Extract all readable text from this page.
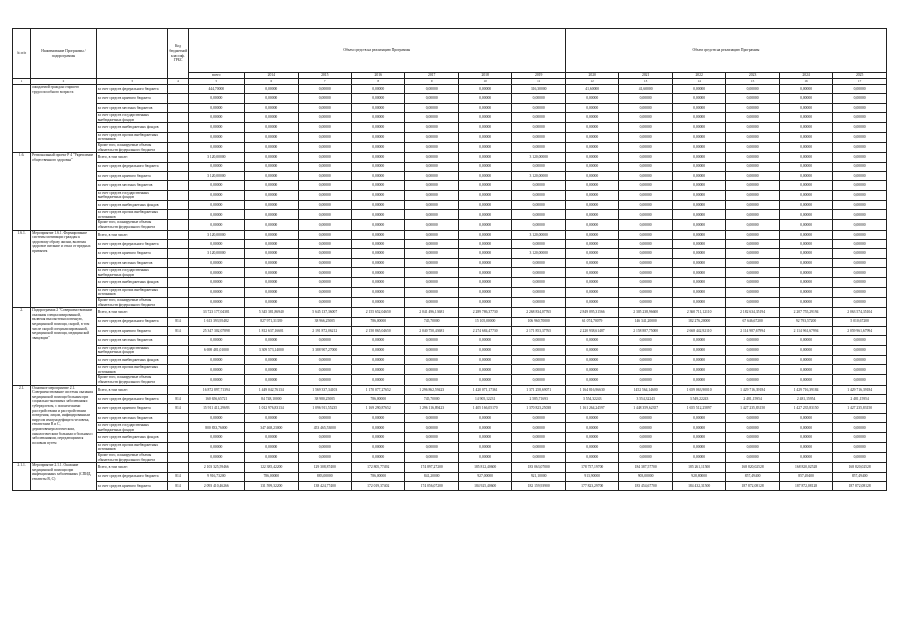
№ п/п	Наименование Программы / подпрограммы		Код бюджетной классиф. ГРБС	Объем средств на реализацию Программы							Объем средств на реализацию Программы					
				всего	2014	2015	2016	2017	2018	2019	2020	2021	2022	2023	2024	2025
1	2	3	4	5	6	7	8	9	10	11	12	13	14	15	16	17
	ожидаемой граждан старшего трудоспособного возраста	за счет средств федерального бюджета		444,70000	0,00000	0,00000	0,00000	0,00000	0,00000	316,30000	41,60000	41,60000	0,00000	0,00000	0,00000	0,00000
		за счет средств краевого бюджета		0,00000	0,00000	0,00000	0,00000	0,00000	0,00000	0,00000	0,00000	0,00000	0,00000	0,00000	0,00000	0,00000
		за счет средств местных бюджетов		0,00000	0,00000	0,00000	0,00000	0,00000	0,00000	0,00000	0,00000	0,00000	0,00000	0,00000	0,00000	0,00000
		за счет средств государственных внебюджетных фондов		0,00000	0,00000	0,00000	0,00000	0,00000	0,00000	0,00000	0,00000	0,00000	0,00000	0,00000	0,00000	0,00000
		за счет средств внебюджетных фондов		0,00000	0,00000	0,00000	0,00000	0,00000	0,00000	0,00000	0,00000	0,00000	0,00000	0,00000	0,00000	0,00000
		за счет средств прочих внебюджетных источников		0,00000	0,00000	0,00000	0,00000	0,00000	0,00000	0,00000	0,00000	0,00000	0,00000	0,00000	0,00000	0,00000
		Кроме того, планируемые объемы обязательств федерального бюджета		0,00000	0,00000	0,00000	0,00000	0,00000	0,00000	0,00000	0,00000	0,00000	0,00000	0,00000	0,00000	0,00000
1.6.	Региональный проект Р 4 "Укрепление общественного здоровья"	Всего, в том числе:		3 120,00000	0,00000	0,00000	0,00000	0,00000	0,00000	3 120,00000	0,00000	0,00000	0,00000	0,00000	0,00000	0,00000
		за счет средств федерального бюджета		0,00000	0,00000	0,00000	0,00000	0,00000	0,00000	0,00000	0,00000	0,00000	0,00000	0,00000	0,00000	0,00000
		за счет средств краевого бюджета		3 120,00000	0,00000	0,00000	0,00000	0,00000	0,00000	3 120,00000	0,00000	0,00000	0,00000	0,00000	0,00000	0,00000
		за счет средств местных бюджетов		0,00000	0,00000	0,00000	0,00000	0,00000	0,00000	0,00000	0,00000	0,00000	0,00000	0,00000	0,00000	0,00000
		за счет средств государственных внебюджетных фондов		0,00000	0,00000	0,00000	0,00000	0,00000	0,00000	0,00000	0,00000	0,00000	0,00000	0,00000	0,00000	0,00000
		за счет средств внебюджетных фондов		0,00000	0,00000	0,00000	0,00000	0,00000	0,00000	0,00000	0,00000	0,00000	0,00000	0,00000	0,00000	0,00000
		за счет средств прочих внебюджетных источников		0,00000	0,00000	0,00000	0,00000	0,00000	0,00000	0,00000	0,00000	0,00000	0,00000	0,00000	0,00000	0,00000
		Кроме того, планируемые объемы обязательств федерального бюджета		0,00000	0,00000	0,00000	0,00000	0,00000	0,00000	0,00000	0,00000	0,00000	0,00000	0,00000	0,00000	0,00000
1.6.1.	Мероприятие 1.6.1. Формирование системы мотивации граждан к здоровому образу жизни, включая здоровое питание и отказ от вредных привычек	Всего, в том числе:		3 120,00000	0,00000	0,00000	0,00000	0,00000	0,00000	3 120,00000	0,00000	0,00000	0,00000	0,00000	0,00000	0,00000
		за счет средств федерального бюджета		0,00000	0,00000	0,00000	0,00000	0,00000	0,00000	0,00000	0,00000	0,00000	0,00000	0,00000	0,00000	0,00000
		за счет средств краевого бюджета		3 120,00000	0,00000	0,00000	0,00000	0,00000	0,00000	3 120,00000	0,00000	0,00000	0,00000	0,00000	0,00000	0,00000
		за счет средств местных бюджетов		0,00000	0,00000	0,00000	0,00000	0,00000	0,00000	0,00000	0,00000	0,00000	0,00000	0,00000	0,00000	0,00000
		за счет средств государственных внебюджетных фондов		0,00000	0,00000	0,00000	0,00000	0,00000	0,00000	0,00000	0,00000	0,00000	0,00000	0,00000	0,00000	0,00000
		за счет средств внебюджетных фондов		0,00000	0,00000	0,00000	0,00000	0,00000	0,00000	0,00000	0,00000	0,00000	0,00000	0,00000	0,00000	0,00000
		за счет средств прочих внебюджетных источников		0,00000	0,00000	0,00000	0,00000	0,00000	0,00000	0,00000	0,00000	0,00000	0,00000	0,00000	0,00000	0,00000
		Кроме того, планируемые объемы обязательств федерального бюджета		0,00000	0,00000	0,00000	0,00000	0,00000	0,00000	0,00000	0,00000	0,00000	0,00000	0,00000	0,00000	0,00000
2.	Подпрограмма 2 "Совершенствование оказания специализированной, включая высокотехнологичную, медицинской помощи, скорой, в том числе скорой специализированной, медицинской помощи, медицинской эвакуации"	Всего, в том числе:		33 723 177,04381	5 345 381,86940	5 645 137,36007	2 155 652,04650	2 041 496,13681	2 289 786,37730	2 268 834,07765	2 849 095,31566	2 305 238,96600	2 360 711,12110	2 182 634,35194	2 207 755,29194	2 063 574,35104
		за счет средств федерального бюджета	814	1 613 393,95482	827 971,31339	38 966,25005	786,00000	745,70000	15 105,00000	106 960,70000	61 074,70079	146 341,20000	182 276,20000	67 646,67200	92 793,57200	5 010,67200
		за счет средств краевого бюджета	814	25 347 302,07898	1 812 637,16601	2 191 872,06212	2 150 865,04650	2 040 750,43681	2 274 684,47730	2 171 853,37765	2 220 938,61487	2 158 887,75000	2 668 442,92110	2 114 987,67994	2 114 961,67994	2 059 961,67994
		за счет средств местных бюджетов		0,00000	0,00000	0,00000	0,00000	0,00000	0,00000	0,00000	0,00000	0,00000	0,00000	0,00000	0,00000	0,00000
		за счет средств государственных внебюджетных фондов		6 698 481,01000	3 309 573,14000	3 388 907,27000	0,00000	0,00000	0,00000	0,00000	0,00000	0,00000	0,00000	0,00000	0,00000	0,00000
		за счет средств внебюджетных фондов		0,00000	0,00000	0,00000	0,00000	0,00000	0,00000	0,00000	0,00000	0,00000	0,00000	0,00000	0,00000	0,00000
		за счет средств прочих внебюджетных источников		0,00000	0,00000	0,00000	0,00000	0,00000	0,00000	0,00000	0,00000	0,00000	0,00000	0,00000	0,00000	0,00000
		Кроме того, планируемые объемы обязательств федерального бюджета		0,00000	0,00000	0,00000	0,00000	0,00000	0,00000	0,00000	0,00000	0,00000	0,00000	0,00000	0,00000	0,00000
2.1.	Основное мероприятие 2.1. Совершенствование системы оказания медицинской помощи больным при социально-значимых заболеваниях: туберкулезом, с психическими расстройствами и расстройствами поведения, лицам, инфицированным вирусом иммунодефицита человека, гепатитами B и C, дерматовенерологическим, онкологическим больным и больным с заболеваниями, передающимися половым путем	Всего, в том числе:		16 872 897,71394	1 449 042,76134	1 569 337,34103	1 170 077,27652	1 296 862,59423	1 420 071,17361	1 371 258,69071	1 164 816,96630	1452 564,14600	1 659 063,90010	1 429 716,39184	1 429 716,39184	1 429 716,39184
		за счет средств федерального бюджета	814	160 656,65721	84 748,10000	38 980,25005	786,00000	745,70000	14 905,12231	2 585,71693	3 554,32243	3 554,32243	3 549,22243	2 481,15954	2 481,15954	2 481,15954
		за счет средств краевого бюджета	814	15 911 411,29693	1 012 976,83134	1 096 911,55235	1 169 290,87652	1 296 116,89423	1 405 166,05170	1 370 823,25038	1 161 264,24597	1 448 359,62357	1 655 512,25897	1 427 235,83150	1 427 235,83150	1 427 235,83150
		за счет средств местных бюджетов		0,00000	0,00000	0,00000	0,00000	0,00000	0,00000	0,00000	0,00000	0,00000	0,00000	0,00000	0,00000	0,00000
		за счет средств государственных внебюджетных фондов		800 833,76000	347 468,23000	453 465,53000	0,00000	0,00000	0,00000	0,00000	0,00000	0,00000	0,00000	0,00000	0,00000	0,00000
		за счет средств внебюджетных фондов		0,00000	0,00000	0,00000	0,00000	0,00000	0,00000	0,00000	0,00000	0,00000	0,00000	0,00000	0,00000	0,00000
		за счет средств прочих внебюджетных источников		0,00000	0,00000	0,00000	0,00000	0,00000	0,00000	0,00000	0,00000	0,00000	0,00000	0,00000	0,00000	0,00000
		Кроме того, планируемые объемы обязательств федерального бюджета		0,00000	0,00000	0,00000	0,00000	0,00000	0,00000	0,00000	0,00000	0,00000	0,00000	0,00000	0,00000	0,00000
2.1.1.	Мероприятие 2.1.1. Оказание медицинской помощи при инфекционных заболеваниях (СПИД, гепатиты B, C)	Всего, в том числе:		2 103 325,59466	122 385,42200	129 308,87400	172 805,77492	174 897,27200	185 812,40600	183 063,07000	178 757,19700	184 387,57700	185 261,11500	168 820,02528	168 820,02528	168 820,02528
		за счет средств федерального бюджета	814	9 916,73200	786,00000	883,00000	786,00000	841,20000	927,00000	921,10000	913,90000	903,00000	928,80000	857,49400	857,49400	857,49400
		за счет средств краевого бюджета	814	2 093 410,46266	131 599,32200	138 424,77400	172 019,37402	174 056,07200	184 925,40600	182 159,93900	177 823,29700	183 454,67700	184 432,31500	187 872,08128	187 872,08128	187 872,08128
